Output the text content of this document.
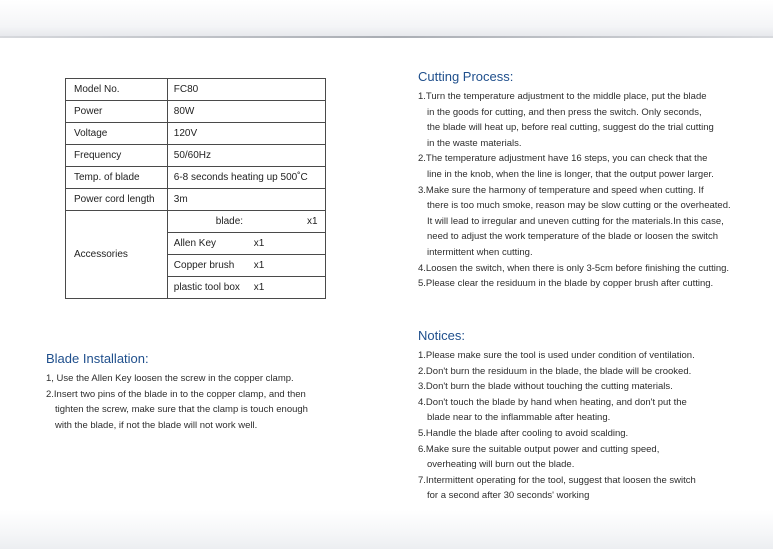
Model No.	FC80
Power	80W
Voltage	120V
Frequency	50/60Hz
Temp. of blade	6-8 seconds heating up 500˚C
Power cord length	3m
Accessories	blade: x1

	Allen Key x1

	Copper brush x1

	plastic tool box x1
Blade Installation:
1, Use the Allen Key loosen the screw in the copper clamp.
2.Insert two pins of the blade in to the copper clamp, and then
tighten the screw, make sure that the clamp is touch enough
with the blade, if not the blade will not work well.
Cutting Process:
1.Turn the temperature adjustment to the middle place, put the blade
in the goods for cutting, and then press the switch. Only seconds,
the blade will heat up, before real cutting, suggest do the trial cutting
in the waste materials.
2.The temperature adjustment have 16 steps, you can check that the
line in the knob, when the line is longer, that the output power larger.
3.Make sure the harmony of temperature and speed when cutting. If
there is too much smoke, reason may be slow cutting or the overheated.
It will lead to irregular and uneven cutting for the materials.In this case,
need to adjust the work temperature of the blade or loosen the switch
intermittent when cutting.
4.Loosen the switch, when there is only 3-5cm before finishing the cutting.
5.Please clear the residuum in the blade by copper brush after cutting.
Notices:
1.Please make sure the tool is used under condition of ventilation.
2.Don't burn the residuum in the blade, the blade will be crooked.
3.Don't burn the blade without touching the cutting materials.
4.Don't touch the blade by hand when heating, and don't put the
blade near to the inflammable after heating.
5.Handle the blade after cooling to avoid scalding.
6.Make sure the suitable output power and cutting speed,
overheating will burn out the blade.
7.Intermittent operating for the tool, suggest that loosen the switch
for a second after 30 seconds' working
